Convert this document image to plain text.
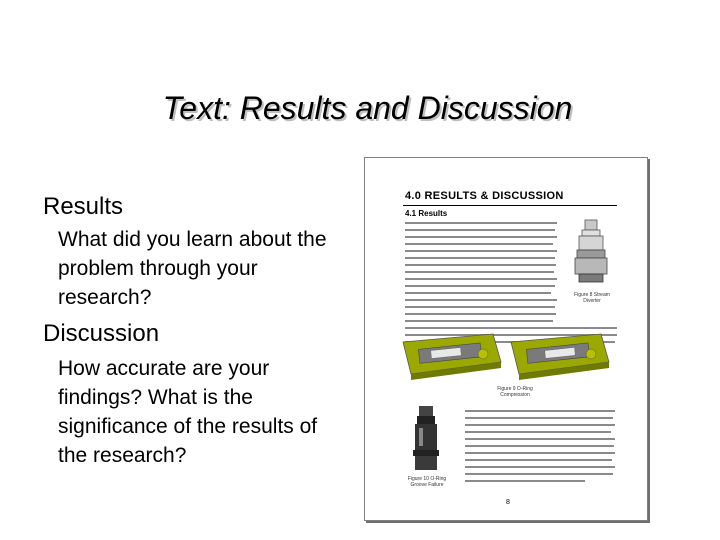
Text: Results and Discussion
Results
What did you learn about the problem through your research?
Discussion
How accurate are your findings? What is the significance of the results of the research?
4.0 RESULTS & DISCUSSION
4.1 Results
Figure 8 Stream Diverter
Figure 9 O-Ring Compression
Figure 10 O-Ring Groove Failure
8
